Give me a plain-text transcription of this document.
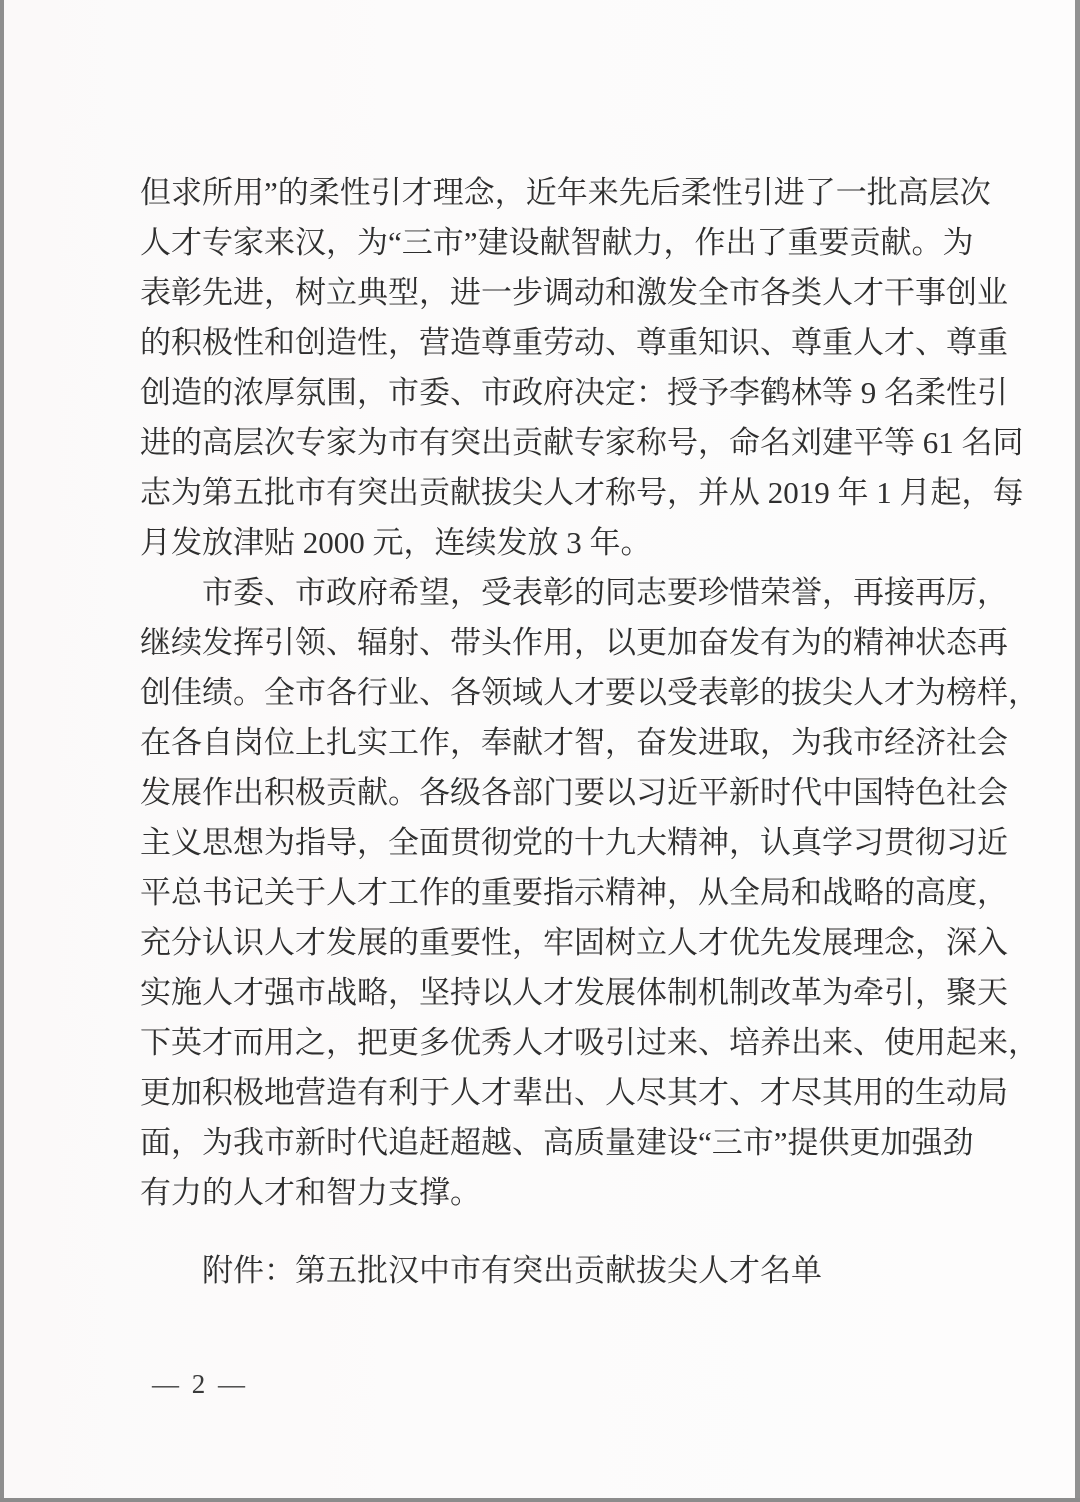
但求所用”的柔性引才理念，近年来先后柔性引进了一批高层次
人才专家来汉，为“三市”建设献智献力，作出了重要贡献。为
表彰先进，树立典型，进一步调动和激发全市各类人才干事创业
的积极性和创造性，营造尊重劳动、尊重知识、尊重人才、尊重
创造的浓厚氛围，市委、市政府决定：授予李鹤林等 9 名柔性引
进的高层次专家为市有突出贡献专家称号，命名刘建平等 61 名同
志为第五批市有突出贡献拔尖人才称号，并从 2019 年 1 月起，每
月发放津贴 2000 元，连续发放 3 年。
市委、市政府希望，受表彰的同志要珍惜荣誉，再接再厉，
继续发挥引领、辐射、带头作用，以更加奋发有为的精神状态再
创佳绩。全市各行业、各领域人才要以受表彰的拔尖人才为榜样，
在各自岗位上扎实工作，奉献才智，奋发进取，为我市经济社会
发展作出积极贡献。各级各部门要以习近平新时代中国特色社会
主义思想为指导，全面贯彻党的十九大精神，认真学习贯彻习近
平总书记关于人才工作的重要指示精神，从全局和战略的高度，
充分认识人才发展的重要性，牢固树立人才优先发展理念，深入
实施人才强市战略，坚持以人才发展体制机制改革为牵引，聚天
下英才而用之，把更多优秀人才吸引过来、培养出来、使用起来，
更加积极地营造有利于人才辈出、人尽其才、才尽其用的生动局
面，为我市新时代追赶超越、高质量建设“三市”提供更加强劲
有力的人才和智力支撑。
附件：第五批汉中市有突出贡献拔尖人才名单
— 2 —
